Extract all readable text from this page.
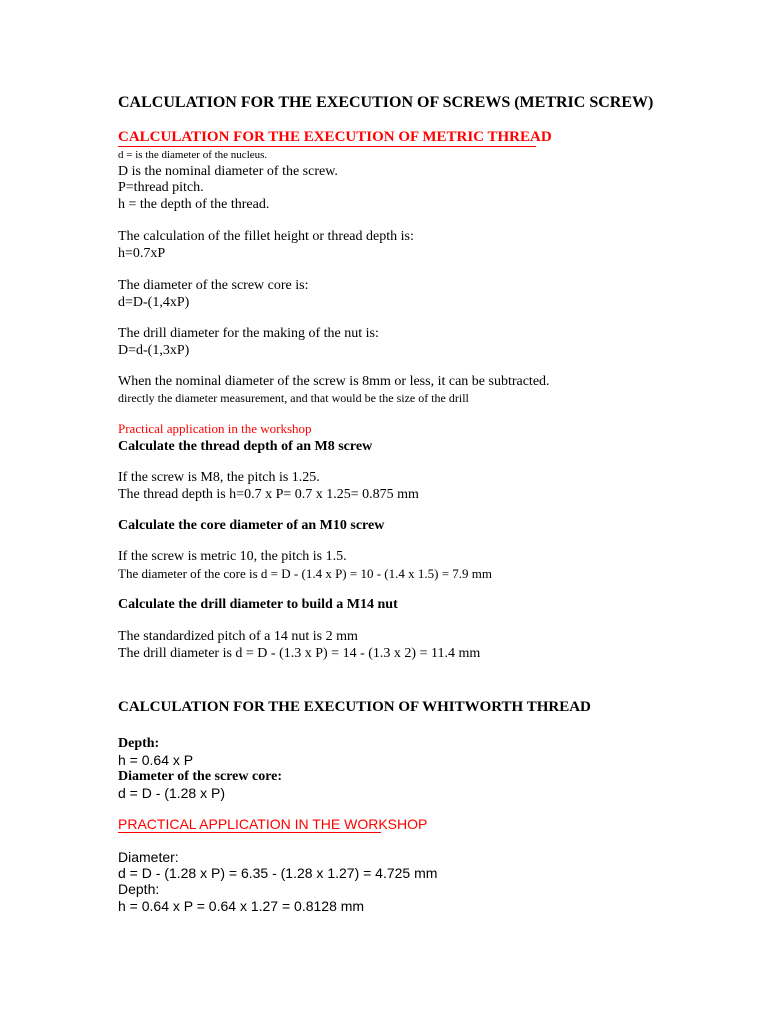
CALCULATION FOR THE EXECUTION OF SCREWS (METRIC SCREW)
CALCULATION FOR THE EXECUTION OF METRIC THREAD
d = is the diameter of the nucleus.
D is the nominal diameter of the screw.
P=thread pitch.
h = the depth of the thread.
The calculation of the fillet height or thread depth is:
h=0.7xP
The diameter of the screw core is:
d=D-(1,4xP)
The drill diameter for the making of the nut is:
D=d-(1,3xP)
When the nominal diameter of the screw is 8mm or less, it can be subtracted.
directly the diameter measurement, and that would be the size of the drill
Practical application in the workshop
Calculate the thread depth of an M8 screw
If the screw is M8, the pitch is 1.25.
The thread depth is h=0.7 x P= 0.7 x 1.25= 0.875 mm
Calculate the core diameter of an M10 screw
If the screw is metric 10, the pitch is 1.5.
The diameter of the core is d = D - (1.4 x P) = 10 - (1.4 x 1.5) = 7.9 mm
Calculate the drill diameter to build a M14 nut
The standardized pitch of a 14 nut is 2 mm
The drill diameter is d = D - (1.3 x P) = 14 - (1.3 x 2) = 11.4 mm
CALCULATION FOR THE EXECUTION OF WHITWORTH THREAD
Depth:
h = 0.64 x P
Diameter of the screw core:
d = D - (1.28 x P)
PRACTICAL APPLICATION IN THE WORKSHOP
Diameter:
d = D - (1.28 x P) = 6.35 - (1.28 x 1.27) = 4.725 mm
Depth:
h = 0.64 x P = 0.64 x 1.27 = 0.8128 mm
